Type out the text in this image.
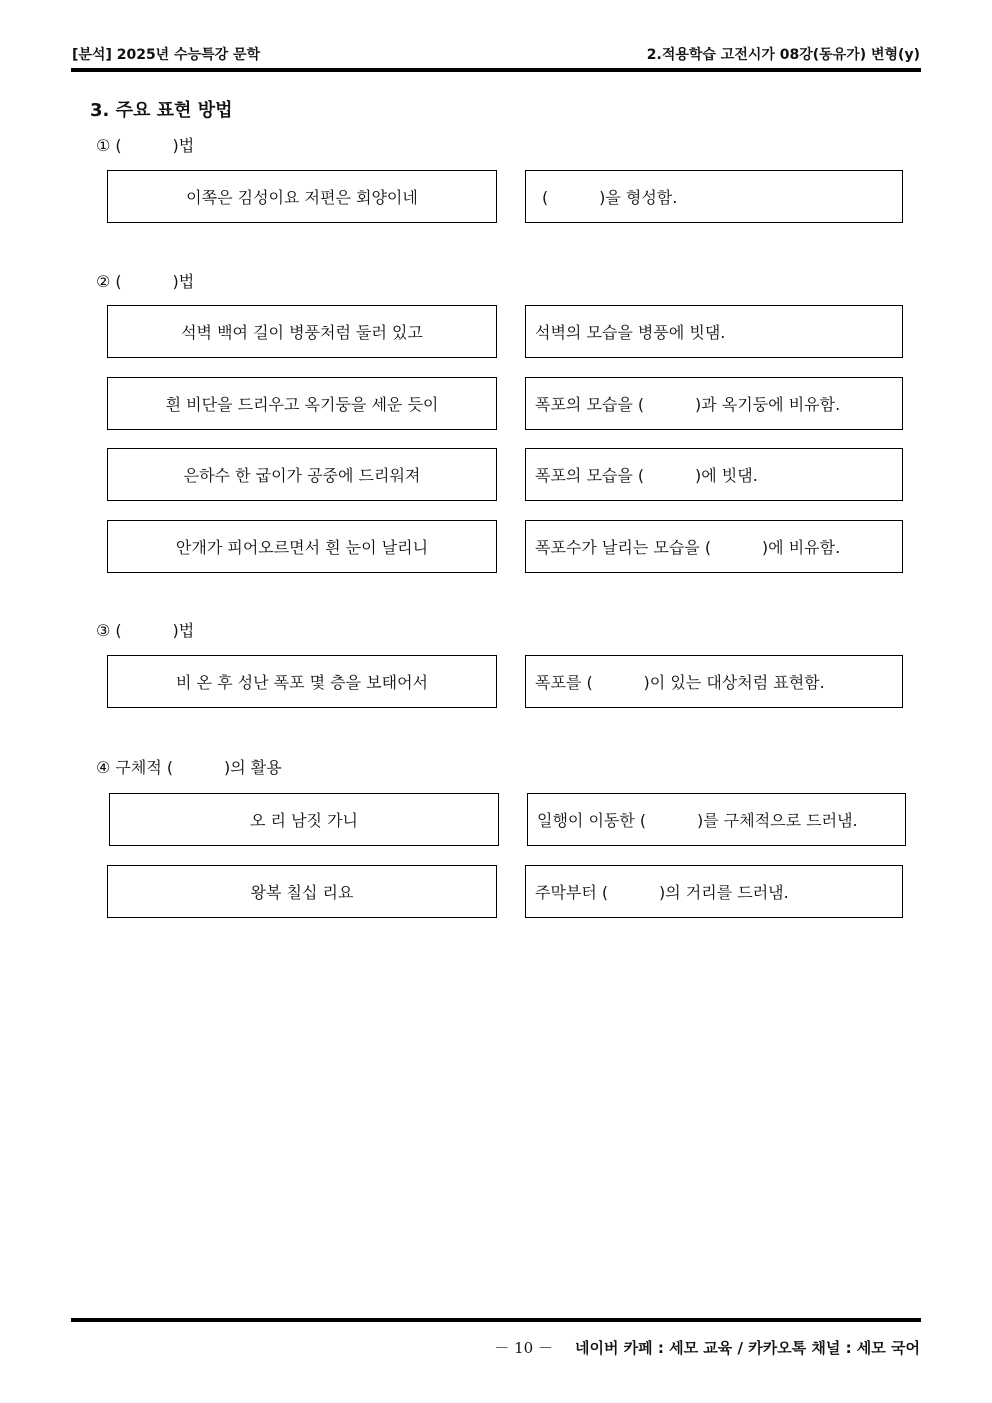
[분석] 2025년 수능특강 문학	2.적용학습 고전시가 08강(동유가) 변형(y)
3. 주요 표현 방법
① (          )법
이쪽은 김성이요 저편은 회양이네	(          )을 형성함.
② (          )법
석벽 백여 길이 병풍처럼 둘러 있고	석벽의 모습을 병풍에 빗댐.
흰 비단을 드리우고 옥기둥을 세운 듯이	폭포의 모습을 (          )과 옥기둥에 비유함.
은하수 한 굽이가 공중에 드리워져	폭포의 모습을 (          )에 빗댐.
안개가 피어오르면서 흰 눈이 날리니	폭포수가 날리는 모습을 (          )에 비유함.
③ (          )법
비 온 후 성난 폭포 몇 층을 보태어서	폭포를 (          )이 있는 대상처럼 표현함.
④ 구체적 (          )의 활용
오 리 남짓 가니	일행이 이동한 (          )를 구체적으로 드러냄.
왕복 칠십 리요	주막부터 (          )의 거리를 드러냄.
－ 10 － 네이버 카페 : 세모 교육 / 카카오톡 채널 : 세모 국어
